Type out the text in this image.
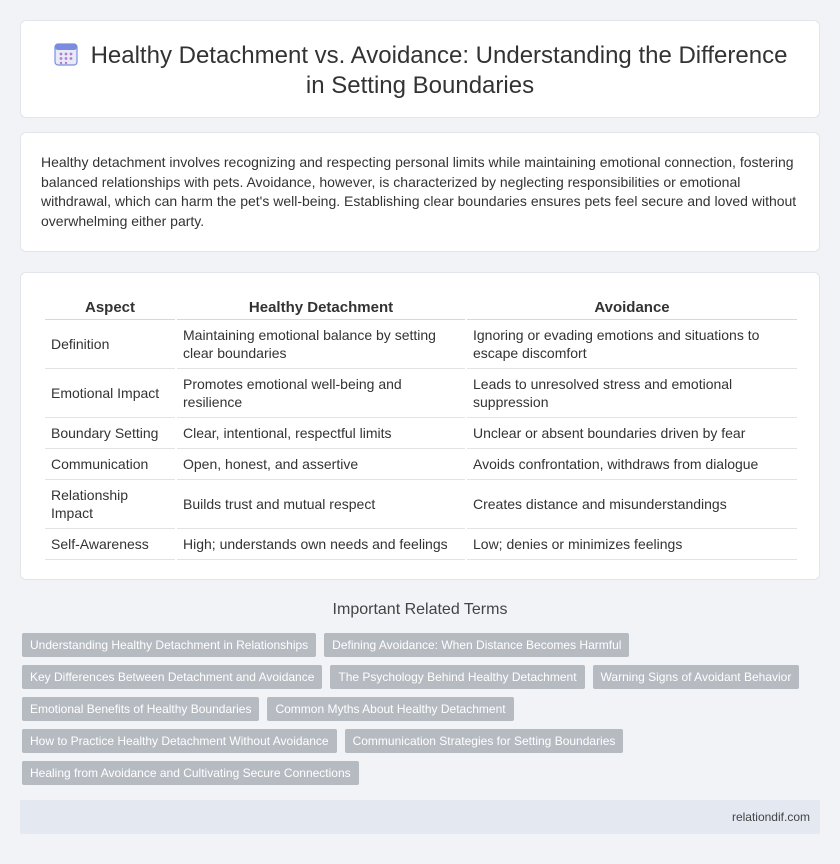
Healthy Detachment vs. Avoidance: Understanding the Difference in Setting Boundaries

Healthy detachment involves recognizing and respecting personal limits while maintaining emotional connection, fostering balanced relationships with pets. Avoidance, however, is characterized by neglecting responsibilities or emotional withdrawal, which can harm the pet's well-being. Establishing clear boundaries ensures pets feel secure and loved without overwhelming either party.

Aspect	Healthy Detachment	Avoidance
Definition	Maintaining emotional balance by setting clear boundaries	Ignoring or evading emotions and situations to escape discomfort
Emotional Impact	Promotes emotional well-being and resilience	Leads to unresolved stress and emotional suppression
Boundary Setting	Clear, intentional, respectful limits	Unclear or absent boundaries driven by fear
Communication	Open, honest, and assertive	Avoids confrontation, withdraws from dialogue
Relationship Impact	Builds trust and mutual respect	Creates distance and misunderstandings
Self-Awareness	High; understands own needs and feelings	Low; denies or minimizes feelings
Important Related Terms
Understanding Healthy Detachment in Relationships	Defining Avoidance: When Distance Becomes Harmful
Key Differences Between Detachment and Avoidance	The Psychology Behind Healthy Detachment	Warning Signs of Avoidant Behavior
Emotional Benefits of Healthy Boundaries	Common Myths About Healthy Detachment
How to Practice Healthy Detachment Without Avoidance	Communication Strategies for Setting Boundaries
Healing from Avoidance and Cultivating Secure Connections
relationdif.com
